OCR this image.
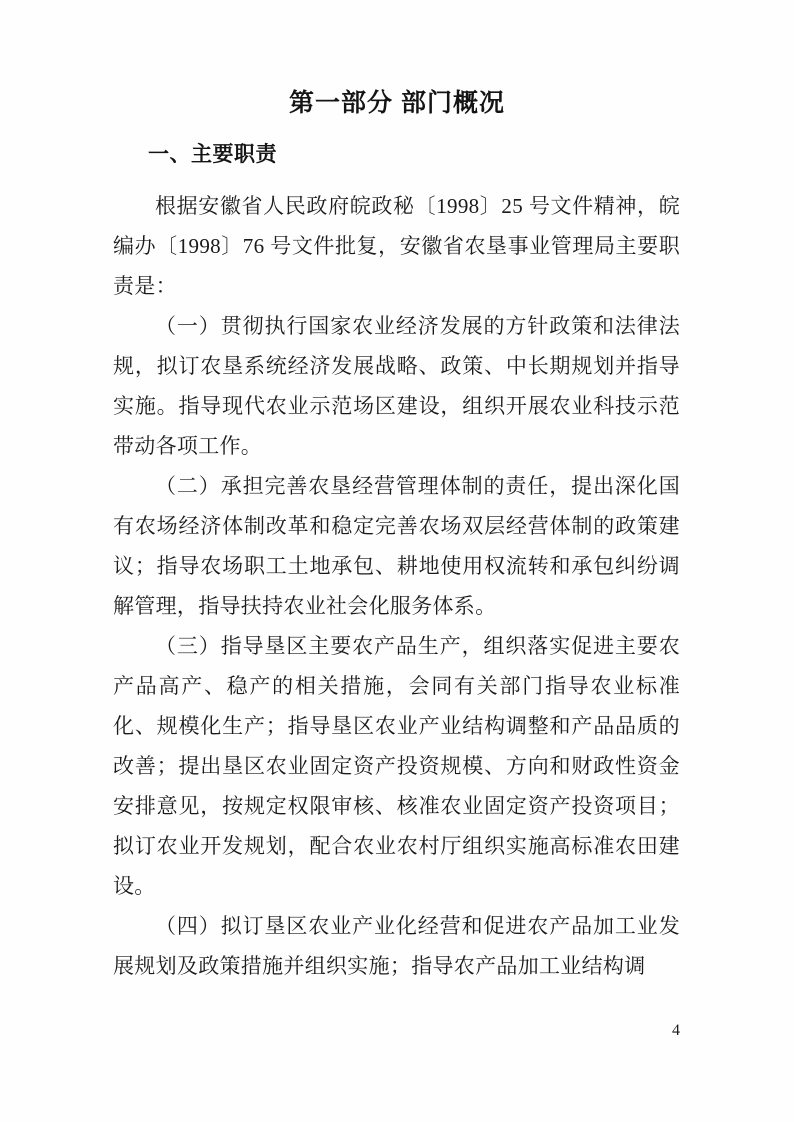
第一部分 部门概况
一、主要职责

根据安徽省人民政府皖政秘〔1998〕25 号文件精神，皖编办〔1998〕76 号文件批复，安徽省农垦事业管理局主要职责是：

（一）贯彻执行国家农业经济发展的方针政策和法律法规，拟订农垦系统经济发展战略、政策、中长期规划并指导实施。指导现代农业示范场区建设，组织开展农业科技示范带动各项工作。

（二）承担完善农垦经营管理体制的责任，提出深化国有农场经济体制改革和稳定完善农场双层经营体制的政策建议；指导农场职工土地承包、耕地使用权流转和承包纠纷调解管理，指导扶持农业社会化服务体系。

（三）指导垦区主要农产品生产，组织落实促进主要农产品高产、稳产的相关措施，会同有关部门指导农业标准化、规模化生产；指导垦区农业产业结构调整和产品品质的改善；提出垦区农业固定资产投资规模、方向和财政性资金安排意见，按规定权限审核、核准农业固定资产投资项目；拟订农业开发规划，配合农业农村厅组织实施高标准农田建设。

（四）拟订垦区农业产业化经营和促进农产品加工业发展规划及政策措施并组织实施；指导农产品加工业结构调

4
